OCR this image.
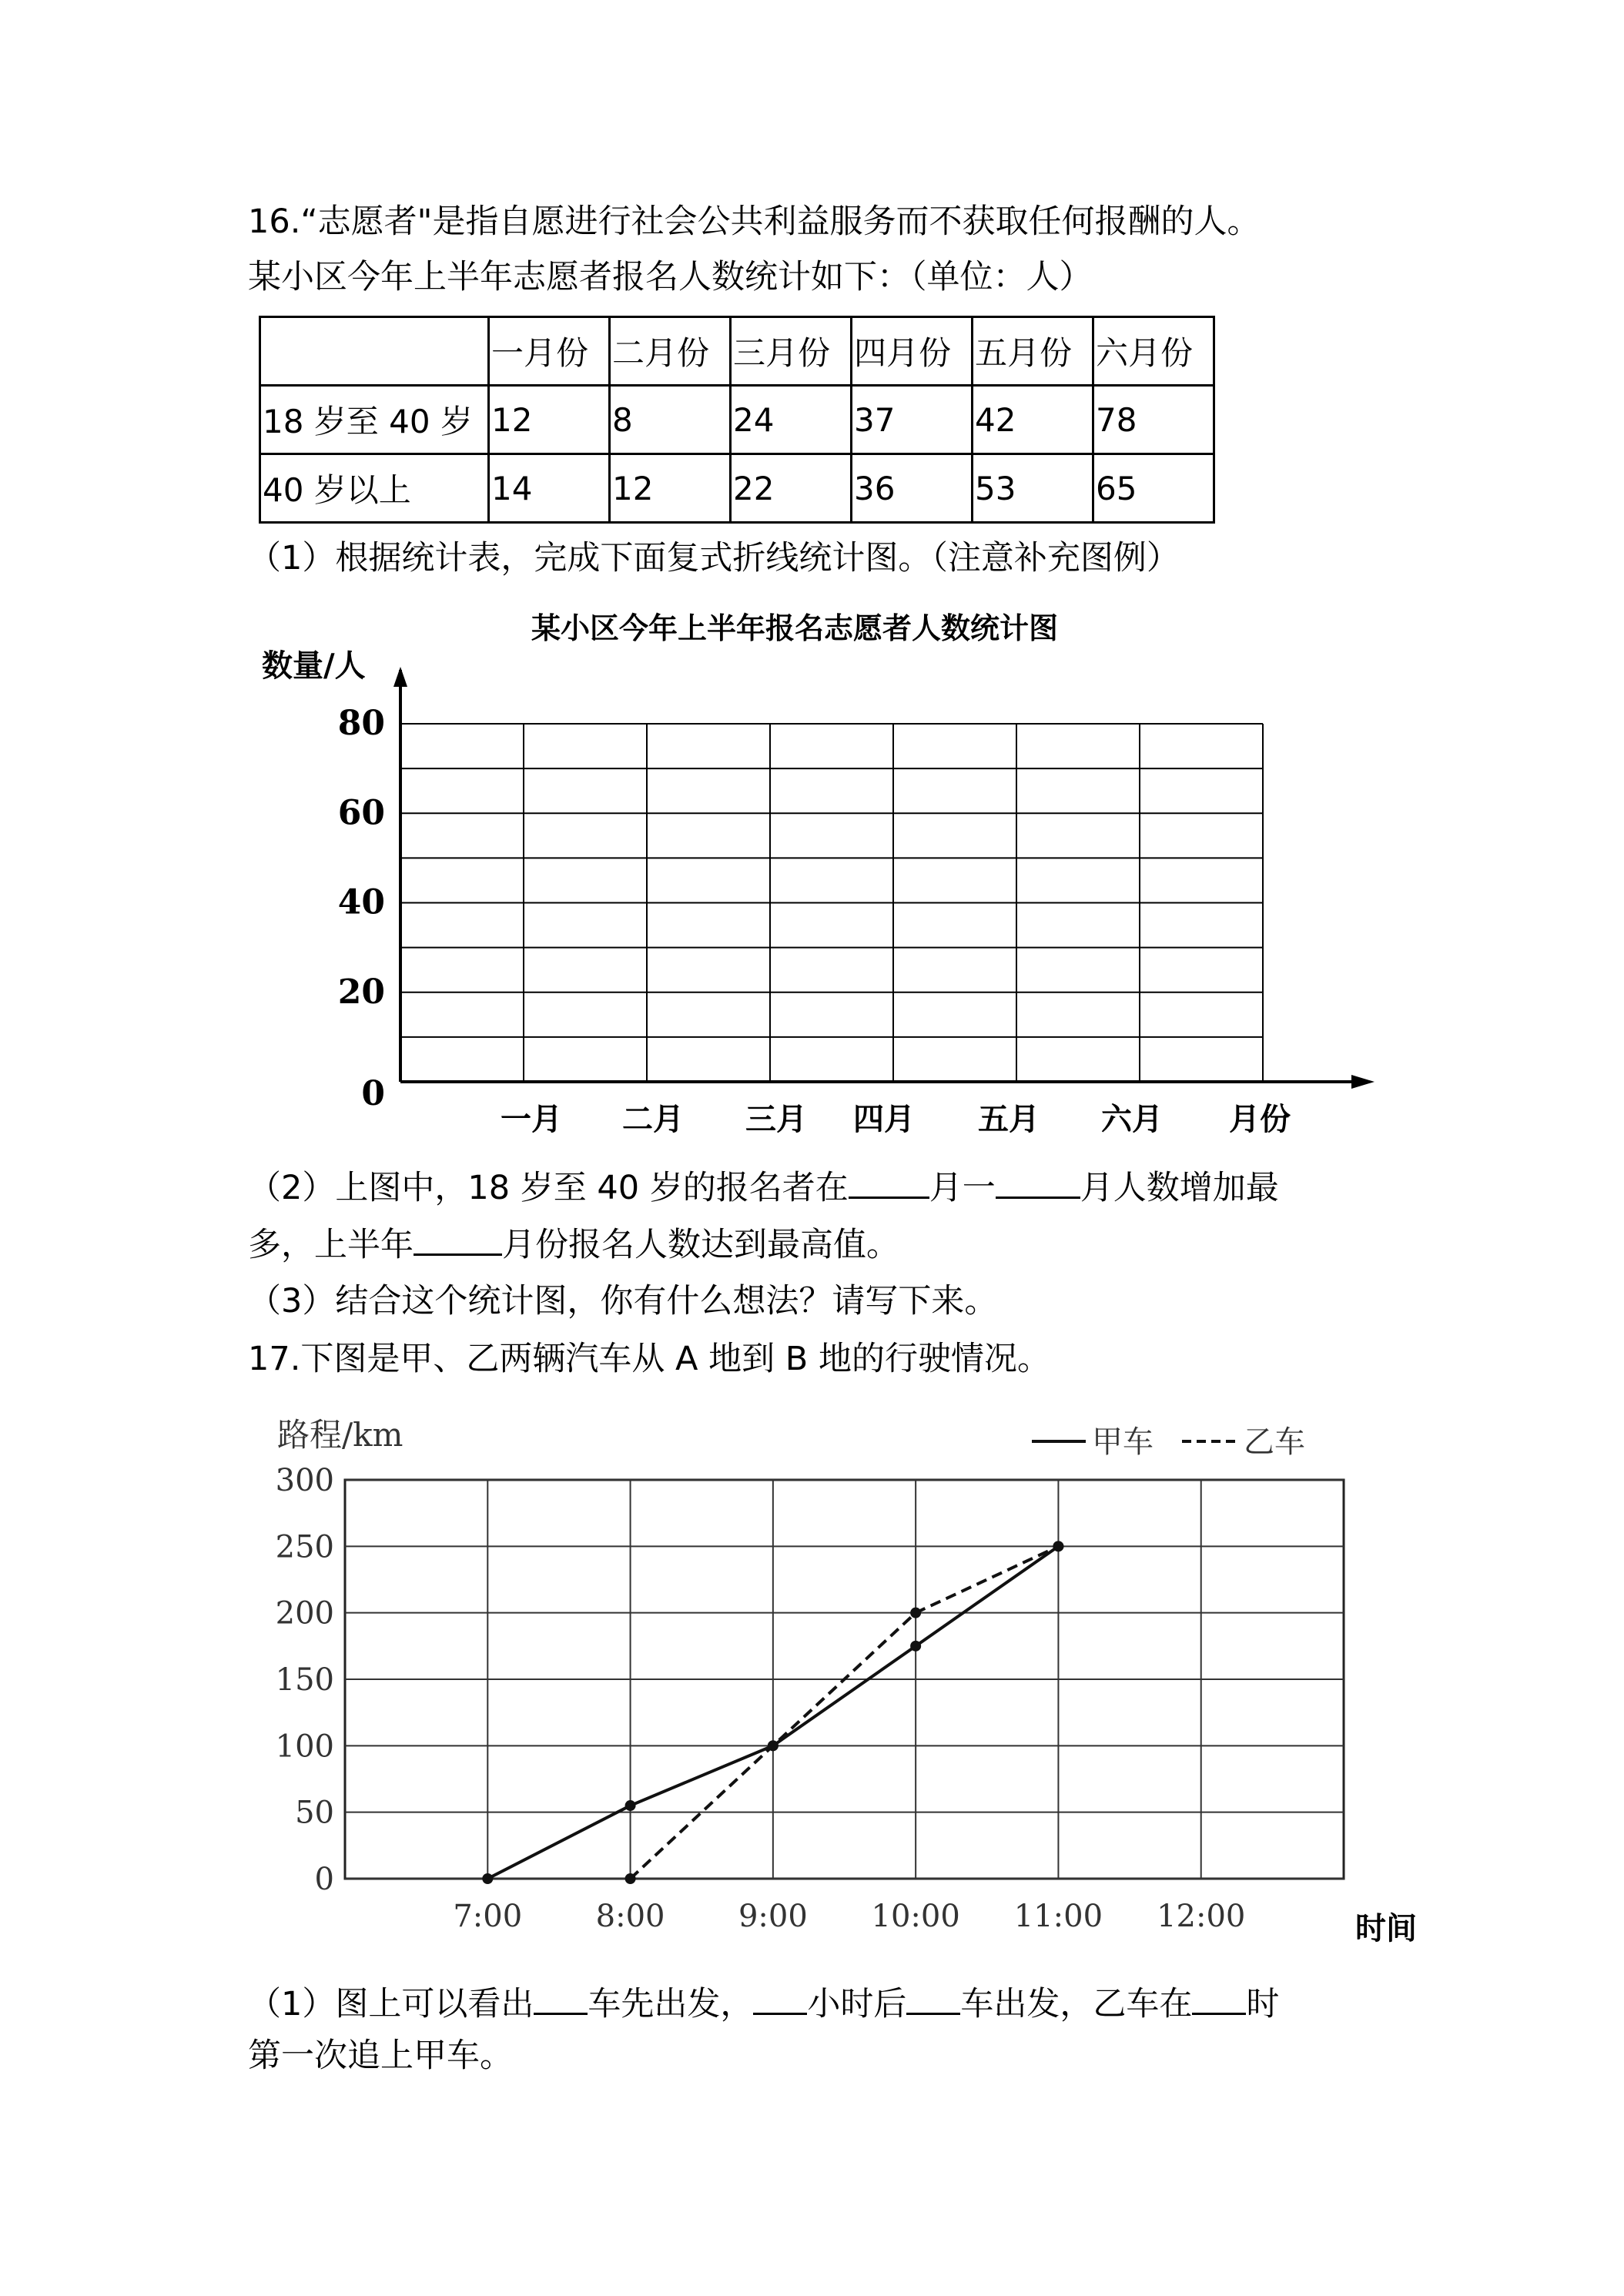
16.“志愿者"是指自愿进行社会公共利益服务而不获取任何报酬的人。
某小区今年上半年志愿者报名人数统计如下：（单位：人）
	一月份	二月份	三月份	四月份	五月份	六月份
18 岁至 40 岁	12	8	24	37	42	78
40 岁以上	14	12	22	36	53	65
（1）根据统计表，完成下面复式折线统计图。（注意补充图例）
某小区今年上半年报名志愿者人数统计图
0
20
40
60
80
数量/人
一月 二月 三月 四月 五月 六月 月份
（2）上图中，18 岁至 40 岁的报名者在 月一	月人数增加最
多，上半年	月份报名人数达到最高值。
（3）结合这个统计图，你有什么想法？请写下来。
17.下图是甲、乙两辆汽车从 A 地到 B 地的行驶情况。
0
50
100
150
200
250
300
7:00 8:00 9:00 10:00 11:00 12:00	时间
路程/km	甲车	乙车
（1）图上可以看出 车先出发， 小时后 车出发，乙车在 时
第一次追上甲车。
